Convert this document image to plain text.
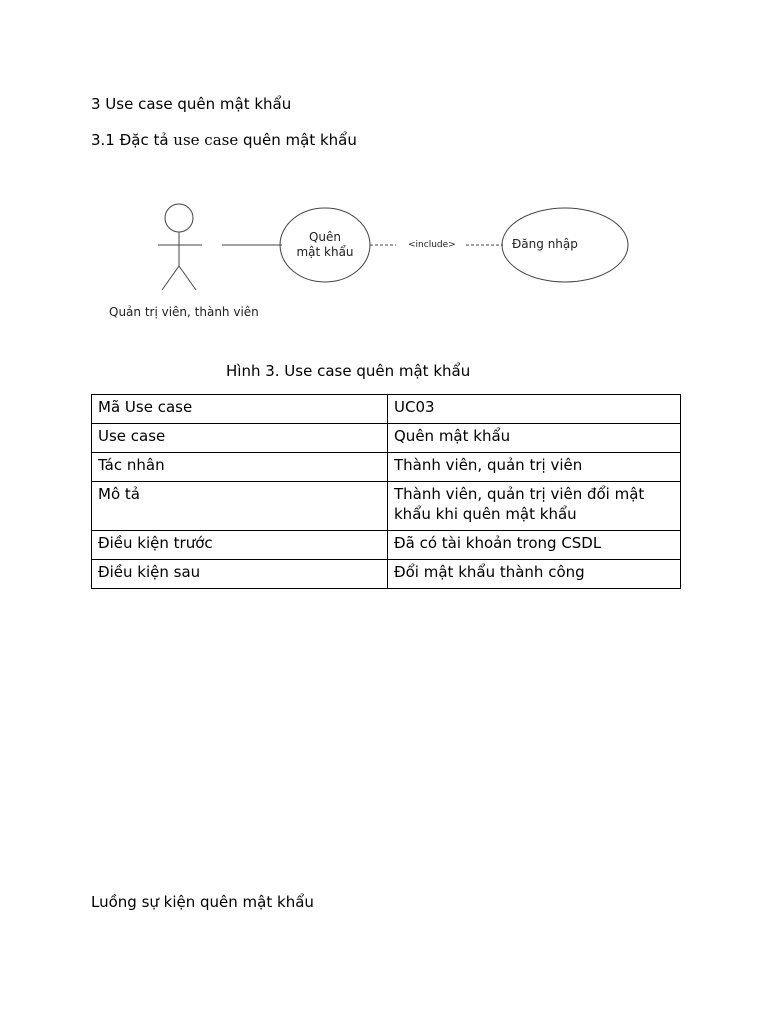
3 Use case quên mật khẩu
3.1 Đặc tả use case quên mật khẩu
Quản trị viên, thành viên
Quên
mật khẩu	<include>	Đăng nhập
Hình 3. Use case quên mật khẩu
Mã Use case	UC03
Use case	Quên mật khẩu
Tác nhân	Thành viên, quản trị viên
Mô tả	Thành viên, quản trị viên đổi mật khẩu khi quên mật khẩu
Điều kiện trước	Đã có tài khoản trong CSDL
Điều kiện sau	Đổi mật khẩu thành công
Luồng sự kiện quên mật khẩu
